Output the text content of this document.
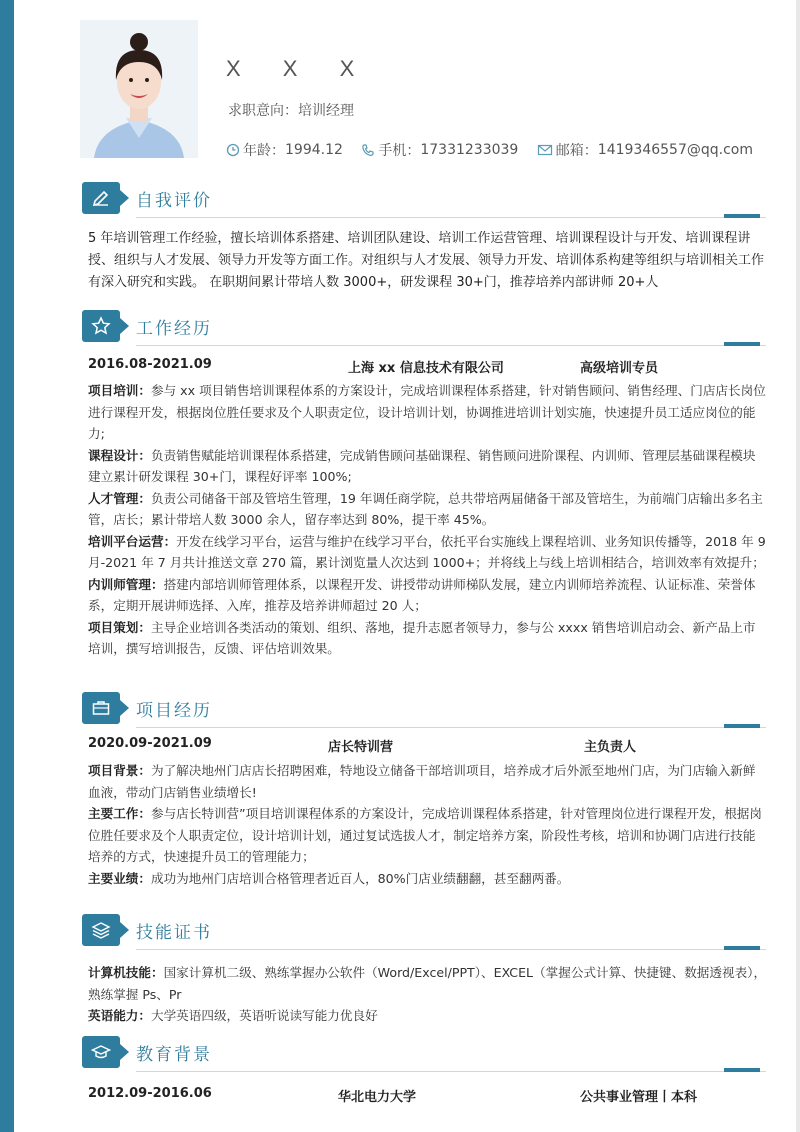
X X X
求职意向：培训经理
年龄： 1994.12
	手机： 17331233039
	邮箱： 1419346557@qq.com
自我评价
5 年培训管理工作经验，擅长培训体系搭建、培训团队建设、培训工作运营管理、培训课程设计与开发、培训课程讲授、组织与人才发展、领导力开发等方面工作。对组织与人才发展、领导力开发、培训体系构建等组织与培训相关工作有深入研究和实践。 在职期间累计带培人数 3000+，研发课程 30+门，推荐培养内部讲师 20+人
工作经历
2016.08-2021.09	上海 xx 信息技术有限公司	高级培训专员

项目培训：参与 xx 项目销售培训课程体系的方案设计，完成培训课程体系搭建，针对销售顾问、销售经理、门店店长岗位进行课程开发，根据岗位胜任要求及个人职责定位，设计培训计划，协调推进培训计划实施，快速提升员工适应岗位的能力;

课程设计：负责销售赋能培训课程体系搭建，完成销售顾问基础课程、销售顾问进阶课程、内训师、管理层基础课程模块建立累计研发课程 30+门，课程好评率 100%;

人才管理：负责公司储备干部及管培生管理，19 年调任商学院，总共带培两届储备干部及管培生，为前端门店输出多名主管，店长；累计带培人数 3000 余人，留存率达到 80%，提干率 45%。

培训平台运营：开发在线学习平台，运营与维护在线学习平台，依托平台实施线上课程培训、业务知识传播等，2018 年 9 月-2021 年 7 月共计推送文章 270 篇，累计浏览量人次达到 1000+；并将线上与线上培训相结合，培训效率有效提升；

内训师管理：搭建内部培训师管理体系，以课程开发、讲授带动讲师梯队发展，建立内训师培养流程、认证标准、荣誉体系，定期开展讲师选择、入库，推荐及培养讲师超过 20 人；

项目策划：主导企业培训各类活动的策划、组织、落地，提升志愿者领导力，参与公 xxxx 销售培训启动会、新产品上市培训，撰写培训报告，反馈、评估培训效果。

项目经历
2020.09-2021.09	店长特训营	主负责人

项目背景：为了解决地州门店店长招聘困难，特地设立储备干部培训项目，培养成才后外派至地州门店，为门店输入新鲜血液，带动门店销售业绩增长!

主要工作：参与店长特训营”项目培训课程体系的方案设计，完成培训课程体系搭建，针对管理岗位进行课程开发，根据岗位胜任要求及个人职责定位，设计培训计划，通过复试选拔人才，制定培养方案，阶段性考核，培训和协调门店进行技能培养的方式，快速提升员工的管理能力；

主要业绩：成功为地州门店培训合格管理者近百人，80%门店业绩翻翻，甚至翻两番。

技能证书

计算机技能：国家计算机二级、熟练掌握办公软件（Word/Excel/PPT）、EXCEL（掌握公式计算、快捷键、数据透视表），熟练掌握 Ps、Pr

英语能力：大学英语四级，英语听说读写能力优良好

教育背景
2012.09-2016.06	华北电力大学	公共事业管理丨本科
